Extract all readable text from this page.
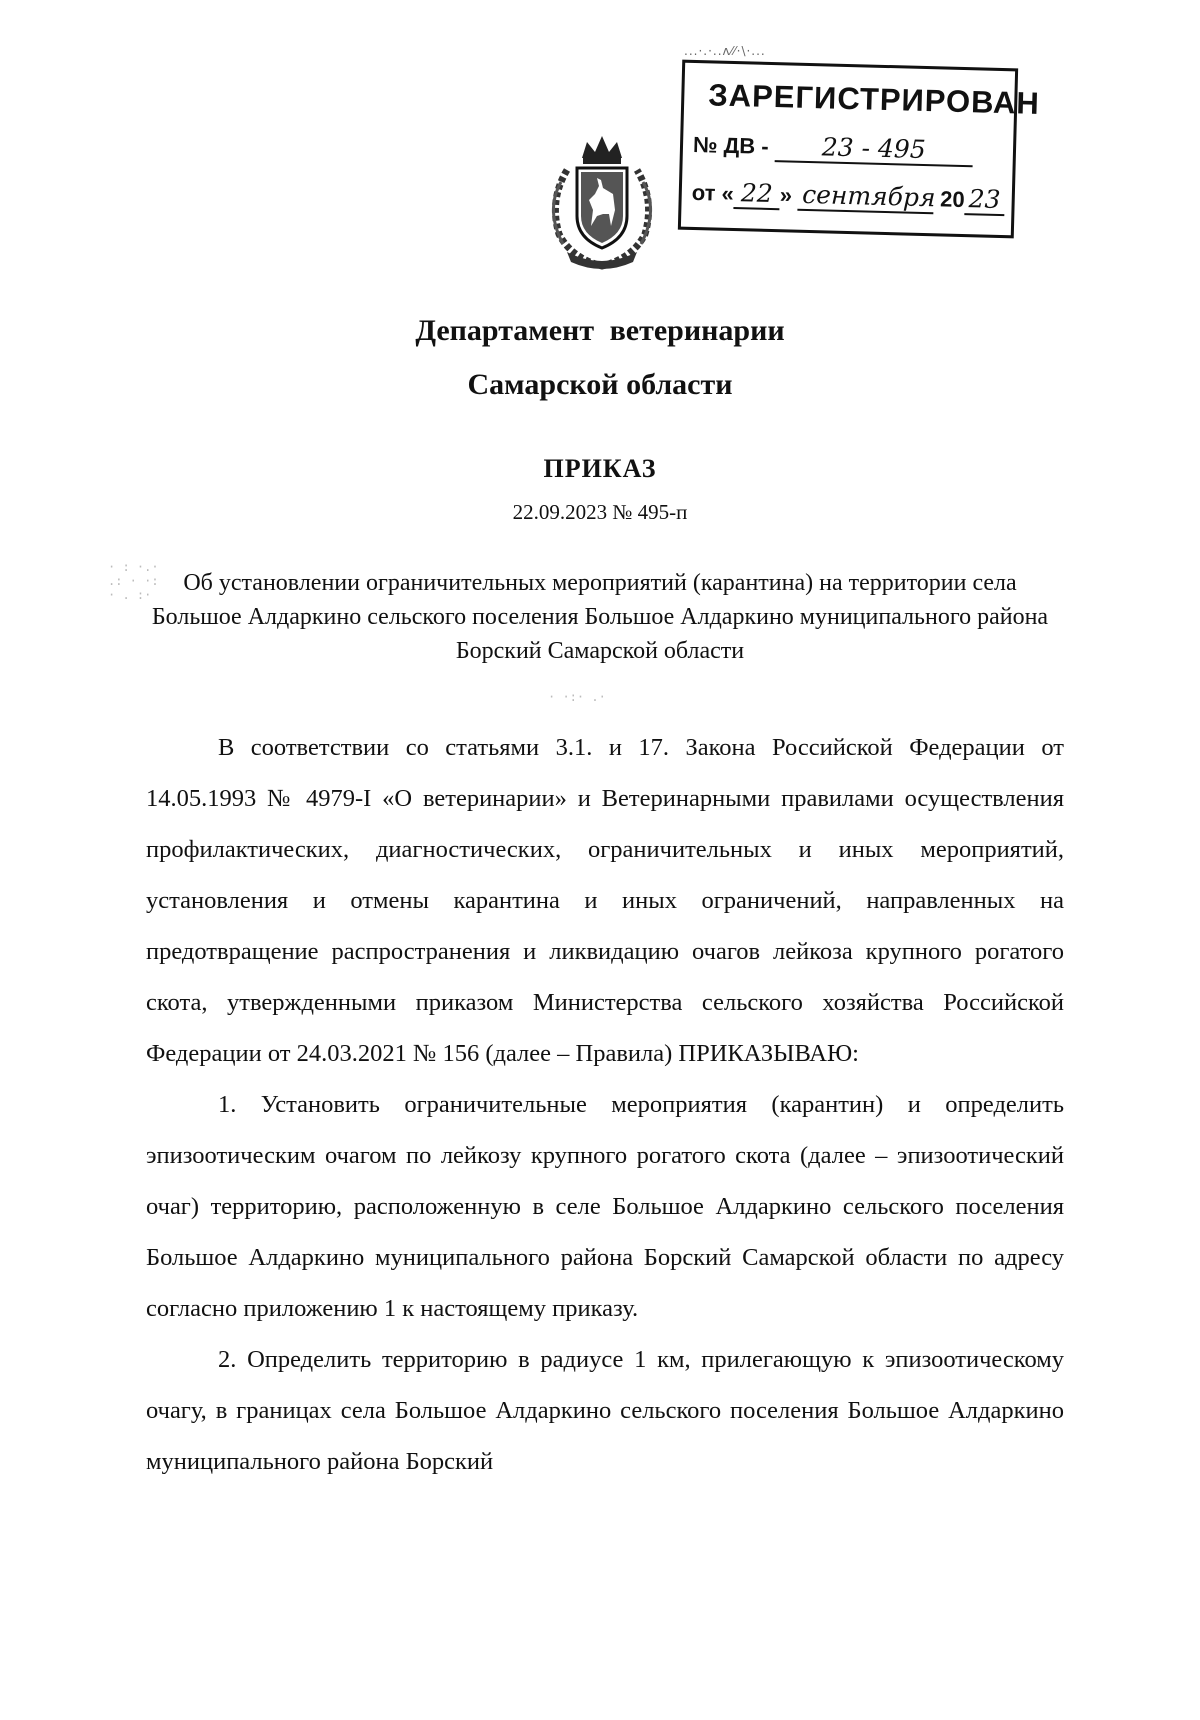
...·.·..ʌ⁄⁄·\·...
ЗАРЕГИСТРИРОВАН
№ ДВ - 23 - 495
от « 22 » сентября 20 23
Департамент ветеринарии
Самарской области
ПРИКАЗ
22.09.2023 № 495-п
Об установлении ограничительных мероприятий (карантина) на территории села Большое Алдаркино сельского поселения Большое Алдаркино муниципального района Борский Самарской области

В соответствии со статьями 3.1. и 17. Закона Российской Федерации от 14.05.1993 № 4979-I «О ветеринарии» и Ветеринарными правилами осуществления профилактических, диагностических, ограничительных и иных мероприятий, установления и отмены карантина и иных ограничений, направленных на предотвращение распространения и ликвидацию очагов лейкоза крупного рогатого скота, утвержденными приказом Министерства сельского хозяйства Российской Федерации от 24.03.2021 № 156 (далее – Правила) ПРИКАЗЫВАЮ:

1. Установить ограничительные мероприятия (карантин) и определить эпизоотическим очагом по лейкозу крупного рогатого скота (далее – эпизоотический очаг) территорию, расположенную в селе Большое Алдаркино сельского поселения Большое Алдаркино муниципального района Борский Самарской области по адресу согласно приложению 1 к настоящему приказу.

2. Определить территорию в радиусе 1 км, прилегающую к эпизоотическому очагу, в границах села Большое Алдаркино сельского поселения Большое Алдаркино муниципального района Борский

· : ·.·
.: · ·:
· . :·
· ·:· .·
